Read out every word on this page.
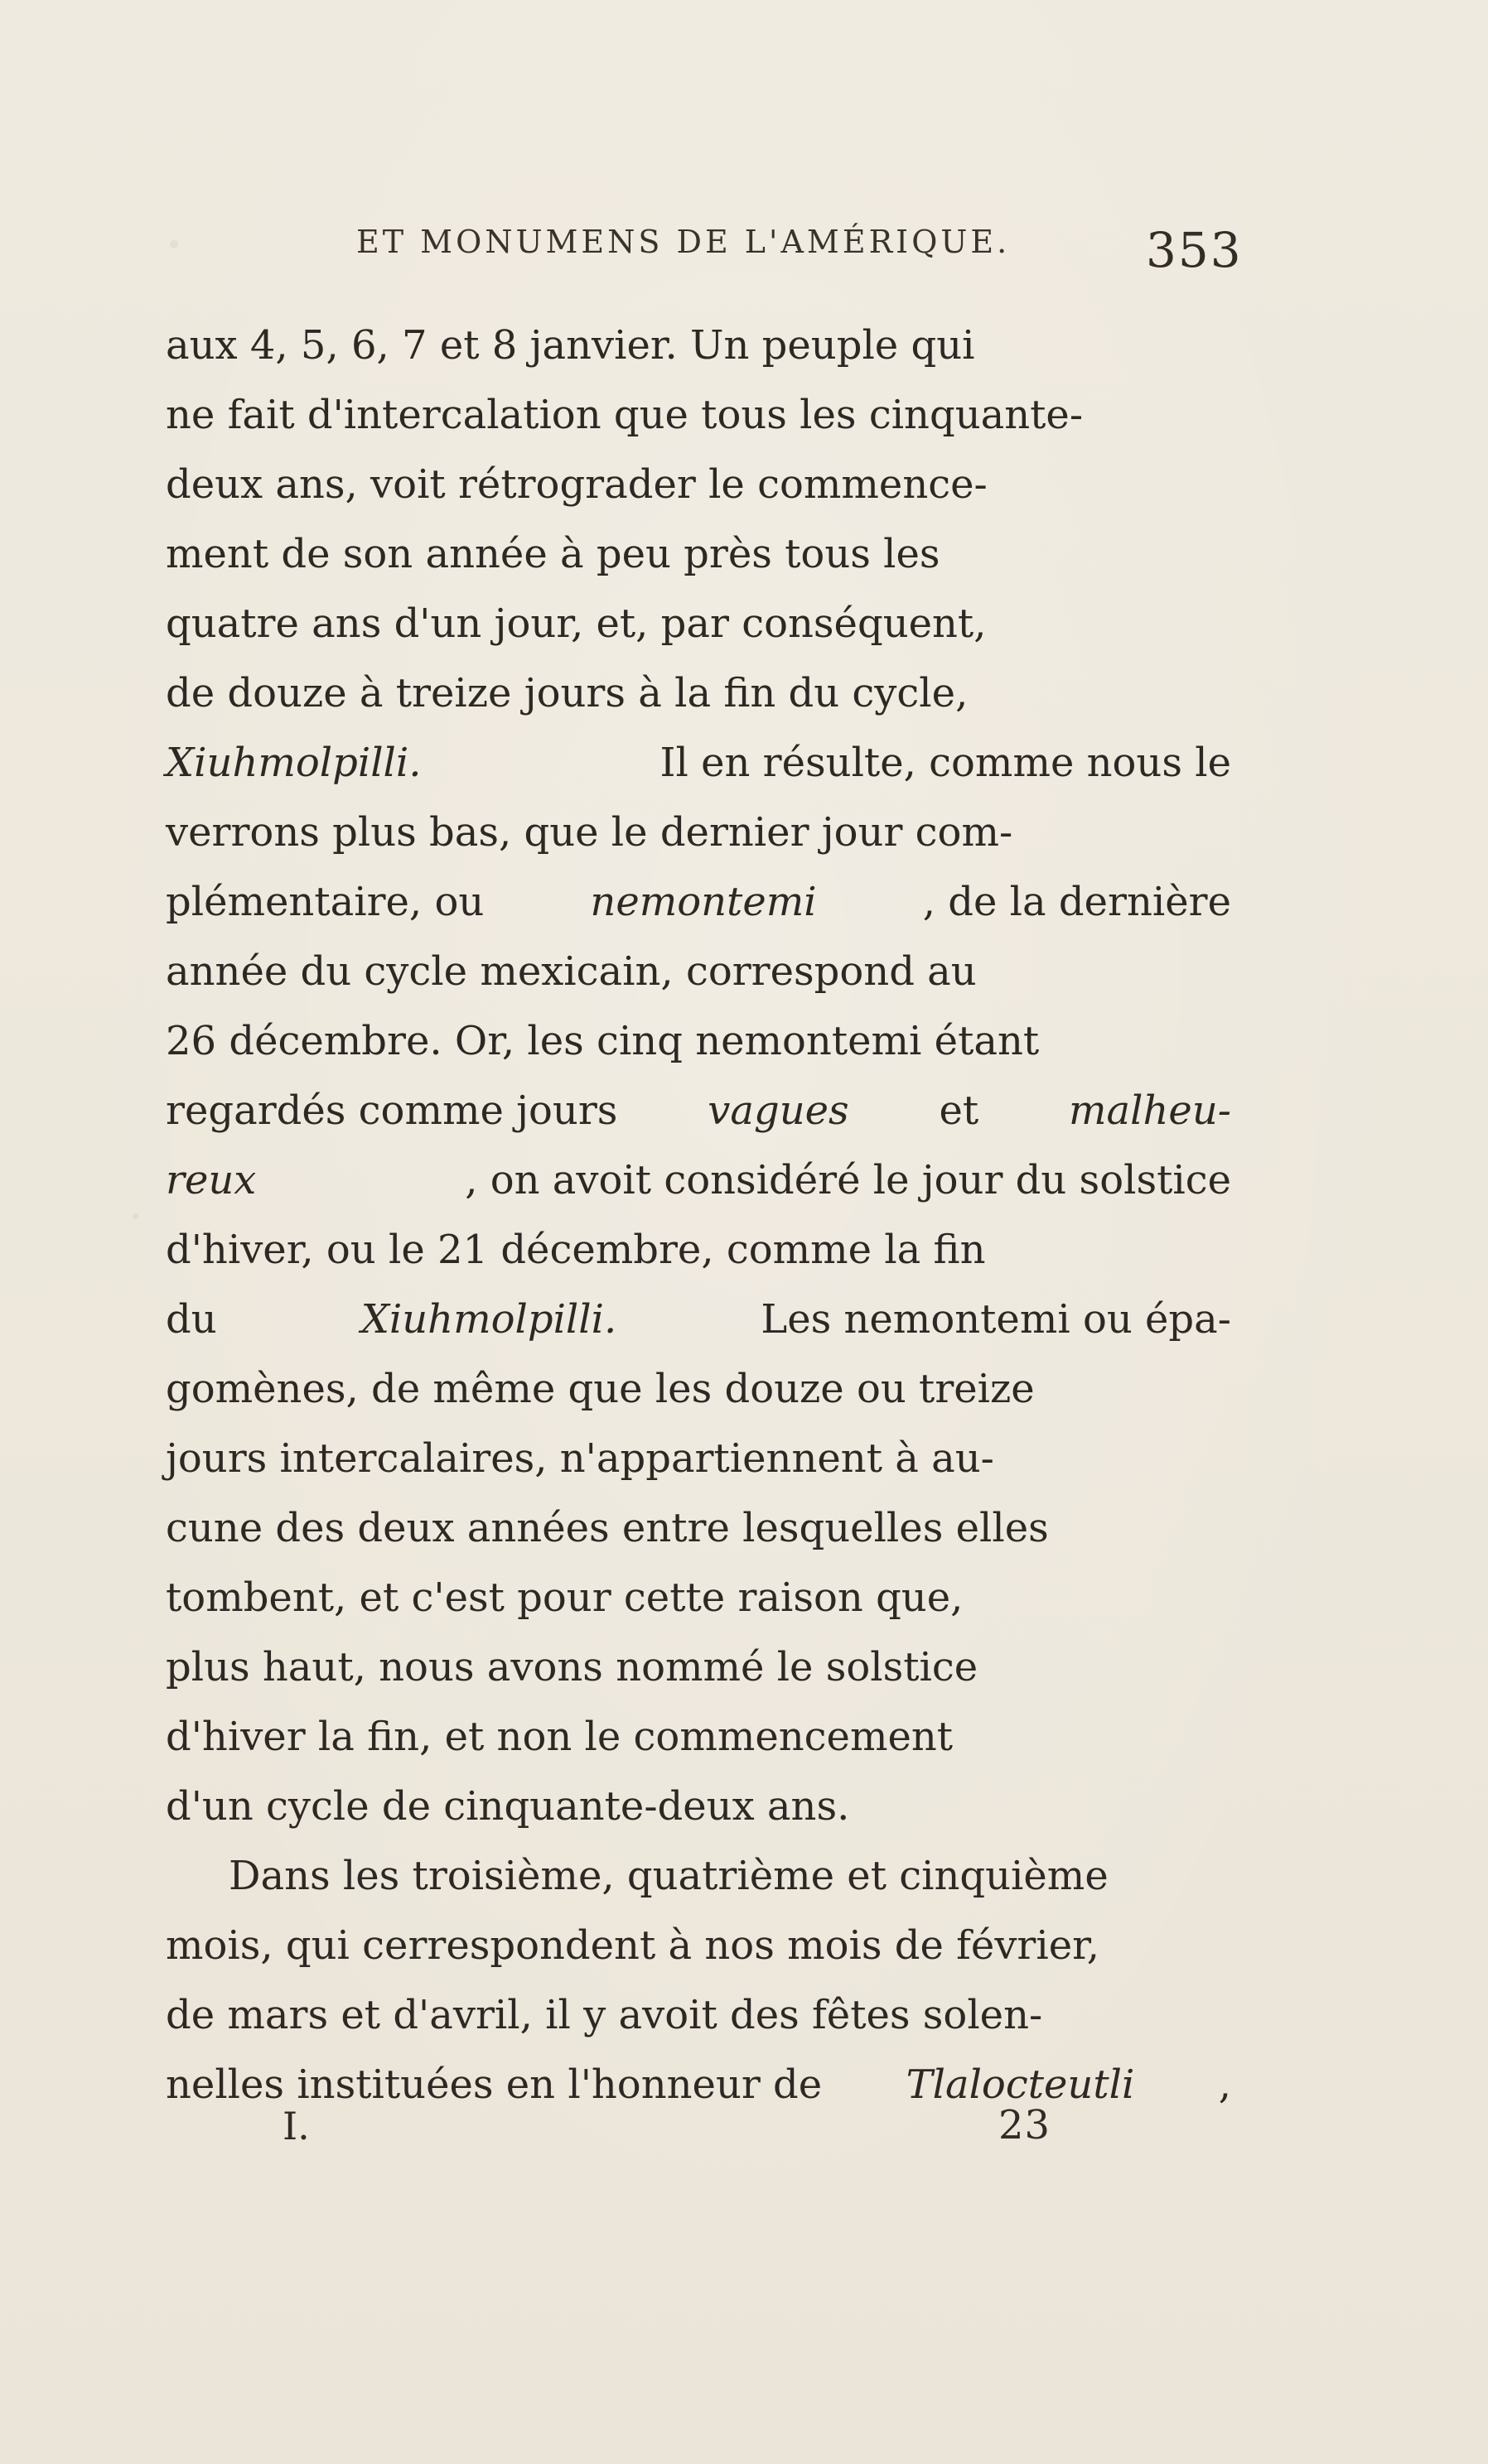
ET MONUMENS DE L'AMÉRIQUE.	353
aux 4, 5, 6, 7 et 8 janvier. Un peuple qui
ne fait d'intercalation que tous les cinquante-
deux ans, voit rétrograder le commence-
ment de son année à peu près tous les
quatre ans d'un jour, et, par conséquent,
de douze à treize jours à la fin du cycle,
Xiuhmolpilli.	Il en résulte, comme nous le
verrons plus bas, que le dernier jour com-
plémentaire, ou	nemontemi	, de la dernière
année du cycle mexicain, correspond au
26 décembre. Or, les cinq nemontemi étant
regardés comme jours vagues et malheu-
reux	, on avoit considéré le jour du solstice
d'hiver, ou le 21 décembre, comme la fin
du	Xiuhmolpilli.	Les nemontemi ou épa-
gomènes, de même que les douze ou treize
jours intercalaires, n'appartiennent à au-
cune des deux années entre lesquelles elles
tombent, et c'est pour cette raison que,
plus haut, nous avons nommé le solstice
d'hiver la fin, et non le commencement
d'un cycle de cinquante-deux ans.
Dans les troisième, quatrième et cinquième
mois, qui cerrespondent à nos mois de février,
de mars et d'avril, il y avoit des fêtes solen-
nelles instituées en l'honneur de Tlalocteutli ,
I.	23
